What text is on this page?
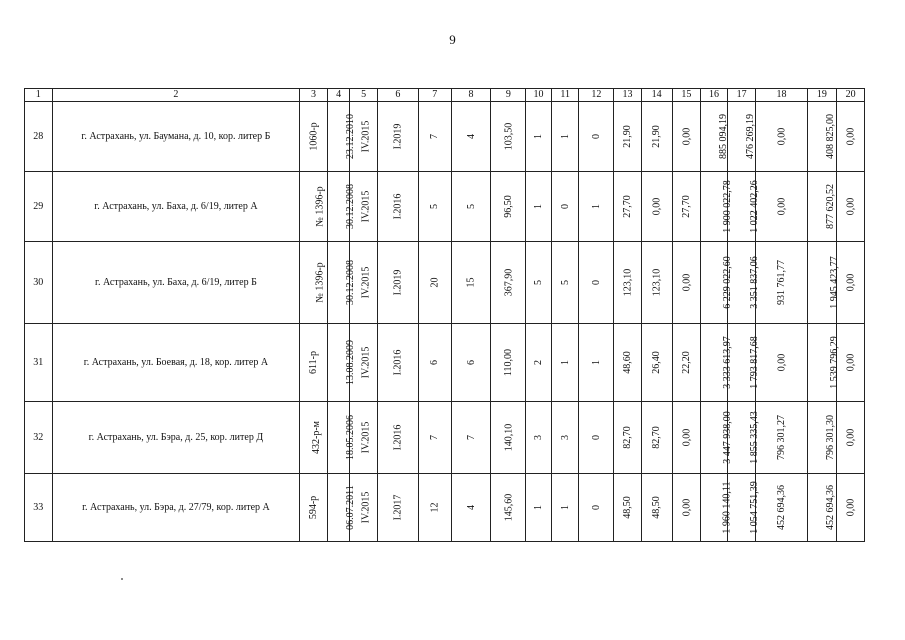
9
1	2	3	4	5	6	7	8	9	10	11	12	13	14	15	16	17	18	19	20
28	г. Астрахань, ул. Баумана, д. 10, кор. литер Б	1060-р	23.12.2010	IV.2015	I.2019	7	4	103,50	1	1	0	21,90	21,90	0,00	885 094,19	476 269,19	0,00	408 825,00	0,00
29	г. Астрахань, ул. Баха, д. 6/19, литер А	№ 1396-р	30.12.2008	IV.2015	I.2016	5	5	96,50	1	0	1	27,70	0,00	27,70	1 900 022,78	1 022 402,26	0,00	877 620,52	0,00
30	г. Астрахань, ул. Баха, д. 6/19, литер Б	№ 1396-р	30.12.2008	IV.2015	I.2019	20	15	367,90	5	5	0	123,10	123,10	0,00	6 229 022,60	3 351 837,06	931 761,77	1 945 423,77	0,00
31	г. Астрахань, ул. Боевая, д. 18, кор. литер А	611-р	13.08.2009	IV.2015	I.2016	6	6	110,00	2	1	1	48,60	26,40	22,20	3 333 613,97	1 793 817,68	0,00	1 539 796,29	0,00
32	г. Астрахань, ул. Бэра, д. 25, кор. литер Д	432-р-м	18.05.2006	IV.2015	I.2016	7	7	140,10	3	3	0	82,70	82,70	0,00	3 447 938,00	1 855 335,43	796 301,27	796 301,30	0,00
33	г. Астрахань, ул. Бэра, д. 27/79, кор. литер А	594-р	06.07.2011	IV.2015	I.2017	12	4	145,60	1	1	0	48,50	48,50	0,00	1 960 140,11	1 054 751,39	452 694,36	452 694,36	0,00
